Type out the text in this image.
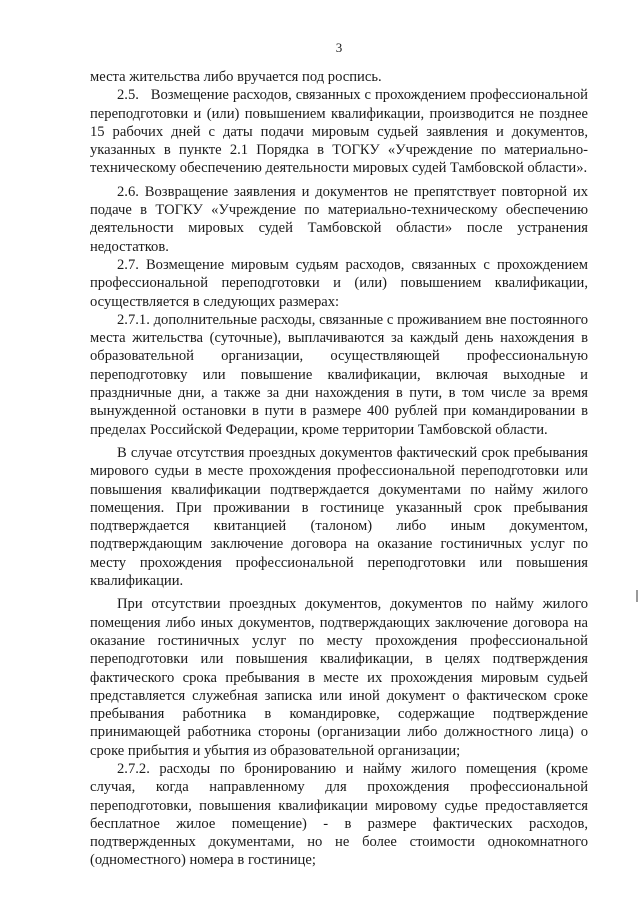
3

места жительства либо вручается под роспись.

2.5.   Возмещение расходов, связанных с прохождением профессиональной переподготовки и (или) повышением квалификации, производится не позднее 15 рабочих дней с даты подачи мировым судьей заявления и документов, указанных в пункте 2.1 Порядка в ТОГКУ «Учреждение по материально-техническому обеспечению деятельности мировых судей Тамбовской области».

2.6. Возвращение заявления и документов не препятствует повторной их подаче в ТОГКУ «Учреждение по материально-техническому обеспечению деятельности мировых судей Тамбовской области» после устранения недостатков.

2.7. Возмещение мировым судьям расходов, связанных с прохождением профессиональной переподготовки и (или) повышением квалификации, осуществляется в следующих размерах:

2.7.1. дополнительные расходы, связанные с проживанием вне постоянного места жительства (суточные), выплачиваются за каждый день нахождения в образовательной организации, осуществляющей профессиональную переподготовку или повышение квалификации, включая выходные и праздничные дни, а также за дни нахождения в пути, в том числе за время вынужденной остановки в пути в размере 400 рублей при командировании в пределах Российской Федерации, кроме территории Тамбовской области.

В случае отсутствия проездных документов фактический срок пребывания мирового судьи в месте прохождения профессиональной переподготовки или повышения квалификации подтверждается документами по найму жилого помещения. При проживании в гостинице указанный срок пребывания подтверждается квитанцией (талоном) либо иным документом, подтверждающим заключение договора на оказание гостиничных услуг по месту прохождения профессиональной переподготовки или повышения квалификации.

При отсутствии проездных документов, документов по найму жилого помещения либо иных документов, подтверждающих заключение договора на оказание гостиничных услуг по месту прохождения профессиональной переподготовки или повышения квалификации, в целях подтверждения фактического срока пребывания в месте их прохождения мировым судьей представляется служебная записка или иной документ о фактическом сроке пребывания работника в командировке, содержащие подтверждение принимающей работника стороны (организации либо должностного лица) о сроке прибытия и убытия из образовательной организации;

2.7.2. расходы по бронированию и найму жилого помещения (кроме случая, когда направленному для прохождения профессиональной переподготовки, повышения квалификации мировому судье предоставляется бесплатное жилое помещение) - в размере фактических расходов, подтвержденных документами, но не более стоимости однокомнатного (одноместного) номера в гостинице;
